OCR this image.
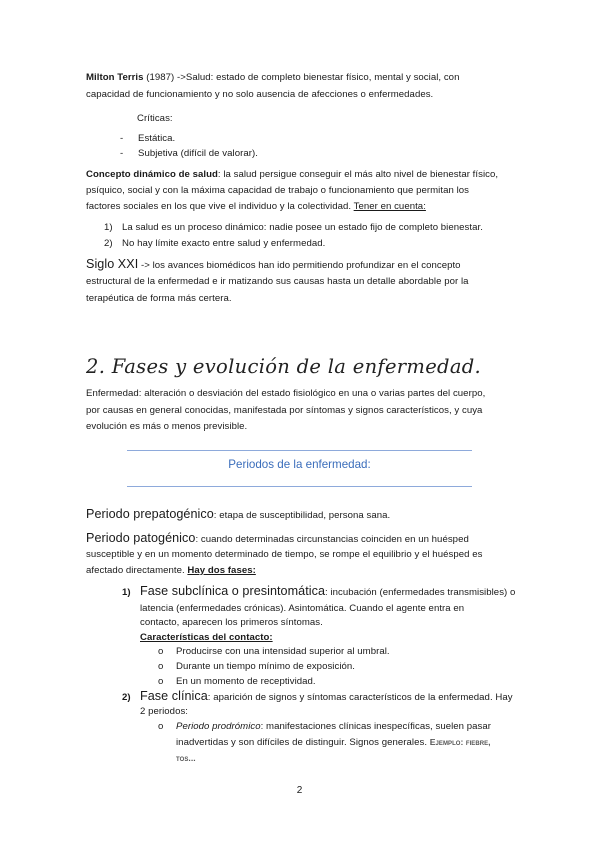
Milton Terris (1987) ->Salud: estado de completo bienestar físico, mental y social, con

capacidad de funcionamiento y no solo ausencia de afecciones o enfermedades.

Críticas:

-	Estática.
-	Subjetiva (difícil de valorar).

Concepto dinámico de salud: la salud persigue conseguir el más alto nivel de bienestar físico,

psíquico, social y con la máxima capacidad de trabajo o funcionamiento que permitan los

factores sociales en los que vive el individuo y la colectividad. Tener en cuenta:

1) La salud es un proceso dinámico: nadie posee un estado fijo de completo bienestar.
2) No hay límite exacto entre salud y enfermedad.

Siglo XXI -> los avances biomédicos han ido permitiendo profundizar en el concepto

estructural de la enfermedad e ir matizando sus causas hasta un detalle abordable por la

terapéutica de forma más certera.

2. Fases y evolución de la enfermedad.

Enfermedad: alteración o desviación del estado fisiológico en una o varias partes del cuerpo,

por causas en general conocidas, manifestada por síntomas y signos característicos, y cuya

evolución es más o menos previsible.

Periodos de la enfermedad:

Periodo prepatogénico: etapa de susceptibilidad, persona sana.

Periodo patogénico: cuando determinadas circunstancias coinciden en un huésped

susceptible y en un momento determinado de tiempo, se rompe el equilibrio y el huésped es

afectado directamente. Hay dos fases:

1) Fase subclínica o presintomática: incubación (enfermedades transmisibles) o

latencia (enfermedades crónicas). Asintomática. Cuando el agente entra en

contacto, aparecen los primeros síntomas.

Características del contacto:

o	Producirse con una intensidad superior al umbral.
o	Durante un tiempo mínimo de exposición.
o	En un momento de receptividad.
2) Fase clínica: aparición de signos y síntomas característicos de la enfermedad. Hay

2 periodos:

o	Periodo prodrómico: manifestaciones clínicas inespecíficas, suelen pasar

inadvertidas y son difíciles de distinguir. Signos generales. Ejemplo: fiebre,

tos...

2
